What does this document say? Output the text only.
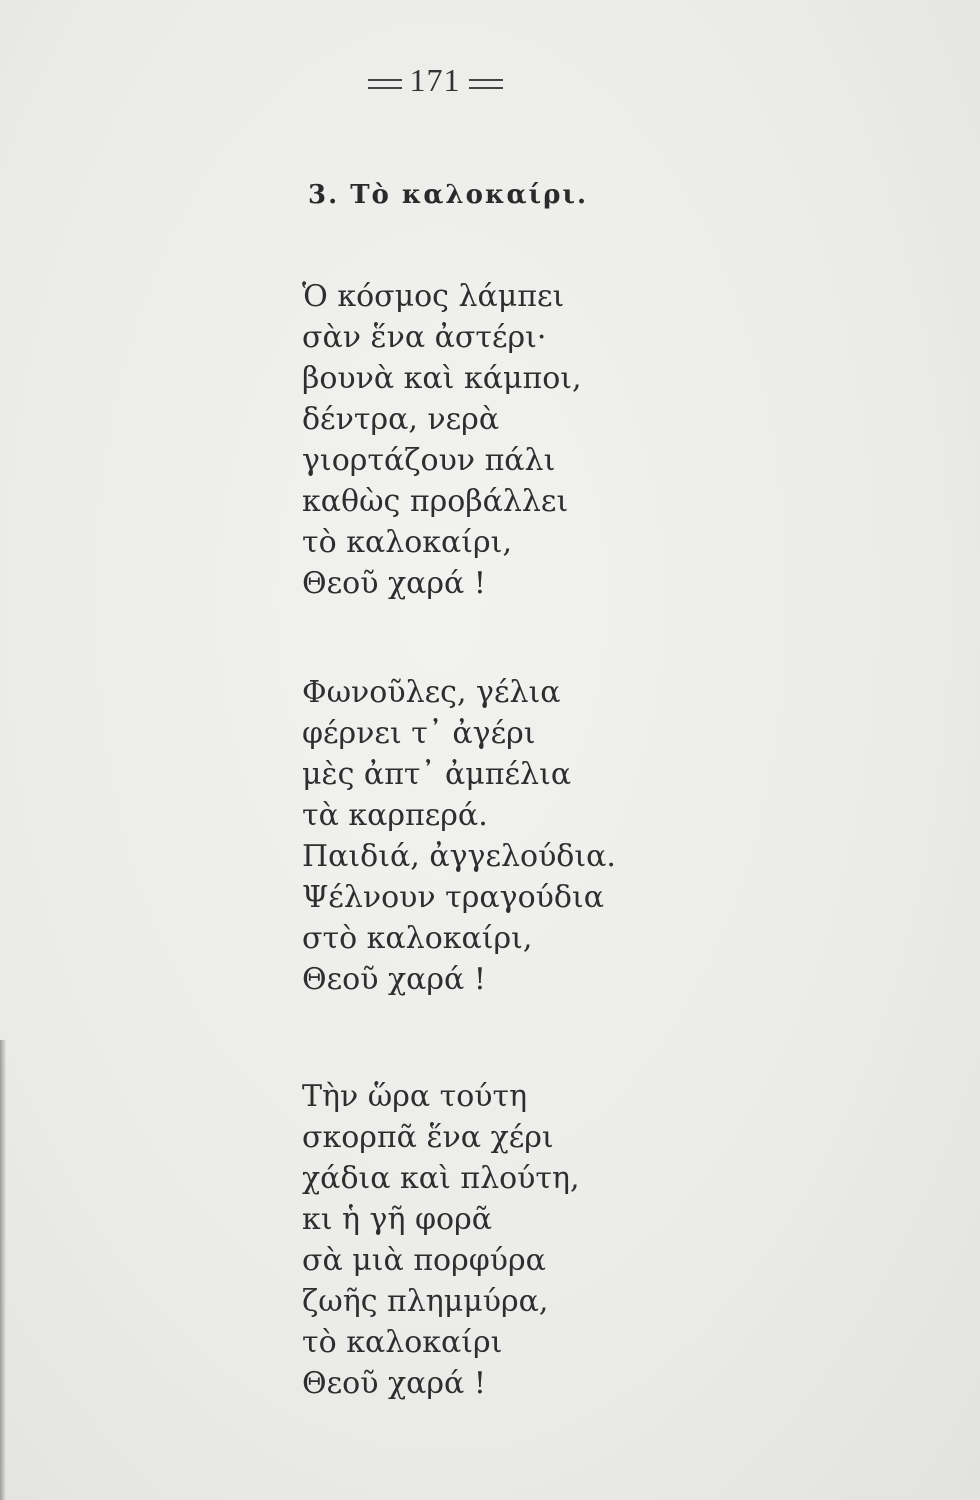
171
3. Τὸ καλοκαίρι.
Ὁ κόσμος λάμπει
σὰν ἕνα ἀστέρι·
βουνὰ καὶ κάμποι,
δέντρα, νερὰ
γιορτάζουν πάλι
καθὼς προβάλλει
τὸ καλοκαίρι,
Θεοῦ χαρά !
Φωνοῦλες, γέλια
φέρνει τ᾽ ἀγέρι
μὲς ἀπτ᾽ ἀμπέλια
τὰ καρπερά.
Παιδιά, ἀγγελούδια.
Ψέλνουν τραγούδια
στὸ καλοκαίρι,
Θεοῦ χαρά !
Τὴν ὥρα τούτη
σκορπᾶ ἕνα χέρι
χάδια καὶ πλούτη,
κι ἡ γῆ φορᾶ
σὰ μιὰ πορφύρα
ζωῆς πλημμύρα,
τὸ καλοκαίρι
Θεοῦ χαρά !
